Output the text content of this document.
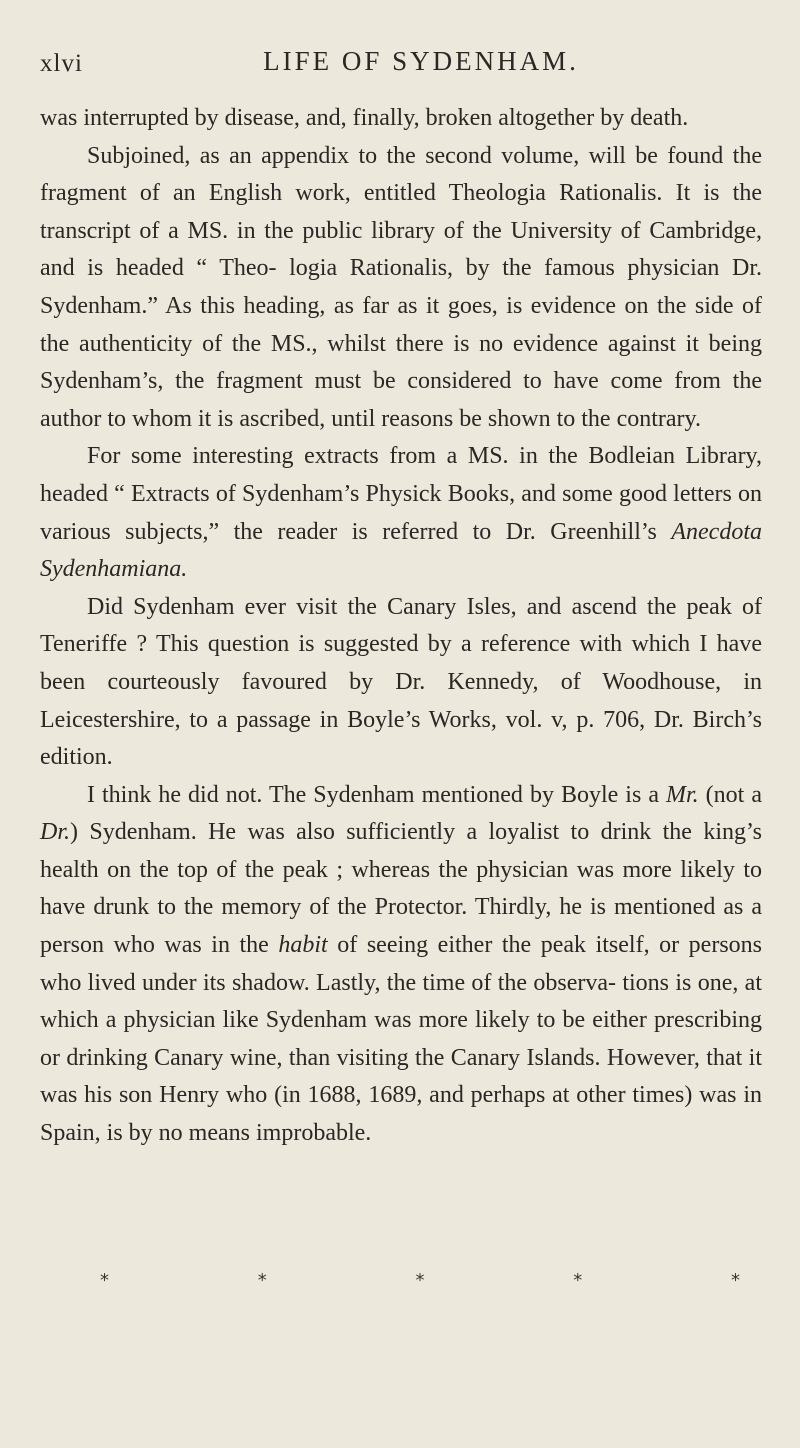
xlvi	LIFE OF SYDENHAM.

was interrupted by disease, and, finally, broken altogether by death.

Subjoined, as an appendix to the second volume, will be found the fragment of an English work, entitled Theologia Rationalis. It is the transcript of a MS. in the public library of the University of Cambridge, and is headed “ Theo- logia Rationalis, by the famous physician Dr. Sydenham.” As this heading, as far as it goes, is evidence on the side of the authenticity of the MS., whilst there is no evidence against it being Sydenham’s, the fragment must be considered to have come from the author to whom it is ascribed, until reasons be shown to the contrary.

For some interesting extracts from a MS. in the Bodleian Library, headed “ Extracts of Sydenham’s Physick Books, and some good letters on various subjects,” the reader is referred to Dr. Greenhill’s Anecdota Sydenhamiana.

Did Sydenham ever visit the Canary Isles, and ascend the peak of Teneriffe ? This question is suggested by a reference with which I have been courteously favoured by Dr. Kennedy, of Woodhouse, in Leicestershire, to a passage in Boyle’s Works, vol. v, p. 706, Dr. Birch’s edition.

I think he did not. The Sydenham mentioned by Boyle is a Mr. (not a Dr.) Sydenham. He was also sufficiently a loyalist to drink the king’s health on the top of the peak ; whereas the physician was more likely to have drunk to the memory of the Protector. Thirdly, he is mentioned as a person who was in the habit of seeing either the peak itself, or persons who lived under its shadow. Lastly, the time of the observa- tions is one, at which a physician like Sydenham was more likely to be either prescribing or drinking Canary wine, than visiting the Canary Islands. However, that it was his son Henry who (in 1688, 1689, and perhaps at other times) was in Spain, is by no means improbable.

*	*	*	*	*
